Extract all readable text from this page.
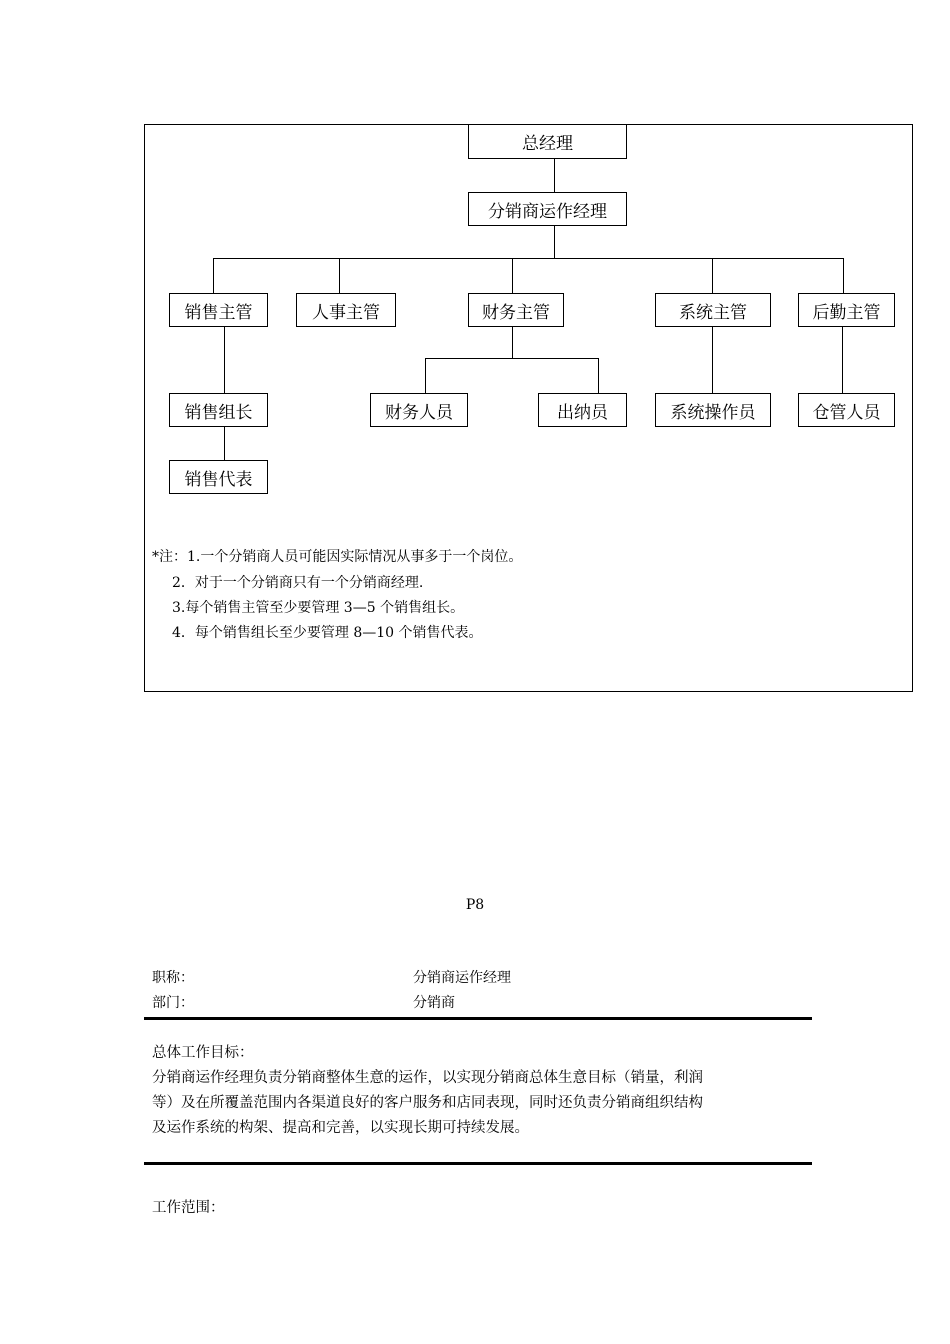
总经理
分销商运作经理
销售主管	人事主管	财务主管	系统主管	后勤主管
销售组长	财务人员	出纳员	系统操作员	仓管人员
销售代表
*注：1.一个分销商人员可能因实际情况从事多于一个岗位。
2．对于一个分销商只有一个分销商经理.
3.每个销售主管至少要管理 3—5 个销售组长。
4．每个销售组长至少要管理 8—10 个销售代表。
P8
职称：	分销商运作经理
部门：	分销商
总体工作目标：
分销商运作经理负责分销商整体生意的运作，以实现分销商总体生意目标（销量，利润
等）及在所覆盖范围内各渠道良好的客户服务和店同表现，同时还负责分销商组织结构
及运作系统的构架、提高和完善，以实现长期可持续发展。
工作范围：
